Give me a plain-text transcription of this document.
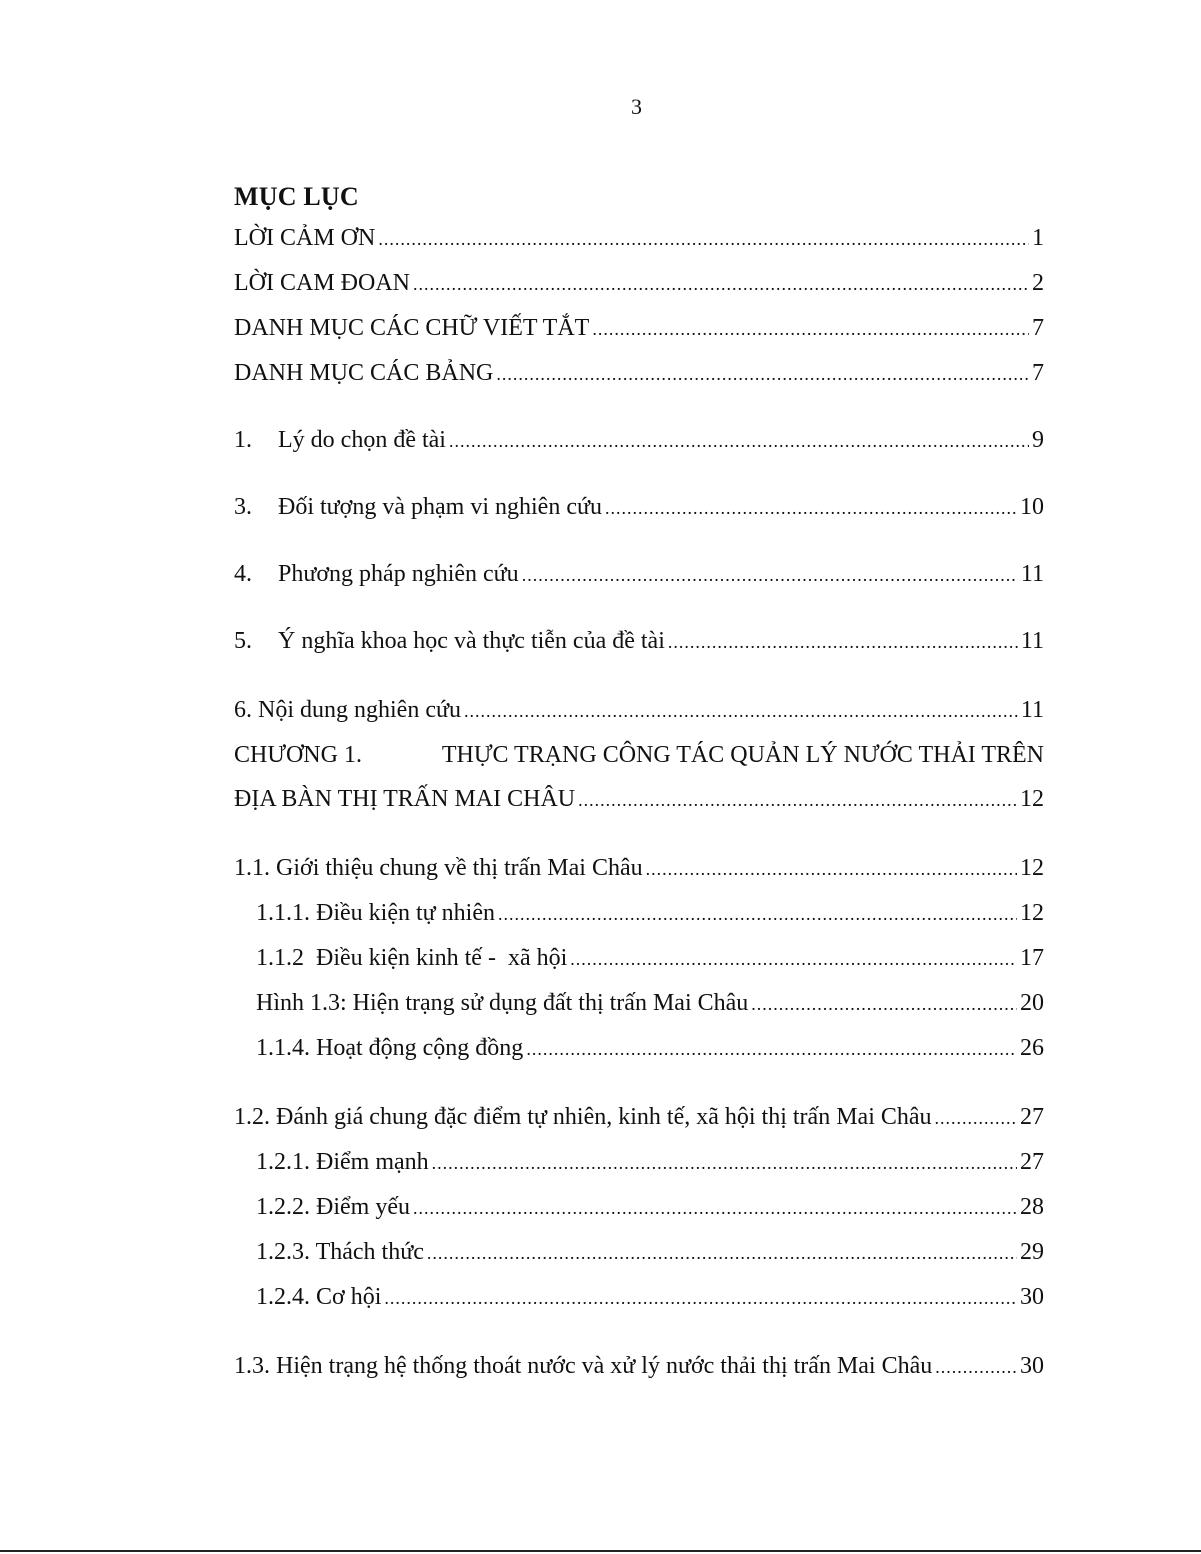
3
MỤC LỤC
LỜI CẢM ƠN .....	1
LỜI CAM ĐOAN .....	2
DANH MỤC CÁC CHỮ VIẾT TẮT .....	7
DANH MỤC CÁC BẢNG .....	7
1. Lý do chọn đề tài .....	9
3. Đối tượng và phạm vi nghiên cứu .....	10
4. Phương pháp nghiên cứu .....	11
5. Ý nghĩa khoa học và thực tiễn của đề tài .....	11
6. Nội dung nghiên cứu .....	11
CHƯƠNG 1.	THỰC TRẠNG CÔNG TÁC QUẢN LÝ NƯỚC THẢI TRÊN
ĐỊA BÀN THỊ TRẤN MAI CHÂU .....	12
1.1. Giới thiệu chung về thị trấn Mai Châu .....	12
1.1.1. Điều kiện tự nhiên .....	12
1.1.2  Điều kiện kinh tế -  xã hội .....	17
Hình 1.3: Hiện trạng sử dụng đất thị trấn Mai Châu .....	20
1.1.4. Hoạt động cộng đồng .....	26
1.2. Đánh giá chung đặc điểm tự nhiên, kinh tế, xã hội thị trấn Mai Châu .....	27
1.2.1. Điểm mạnh .....	27
1.2.2. Điểm yếu .....	28
1.2.3. Thách thức .....	29
1.2.4. Cơ hội .....	30
1.3. Hiện trạng hệ thống thoát nước và xử lý nước thải thị trấn Mai Châu .....	30
